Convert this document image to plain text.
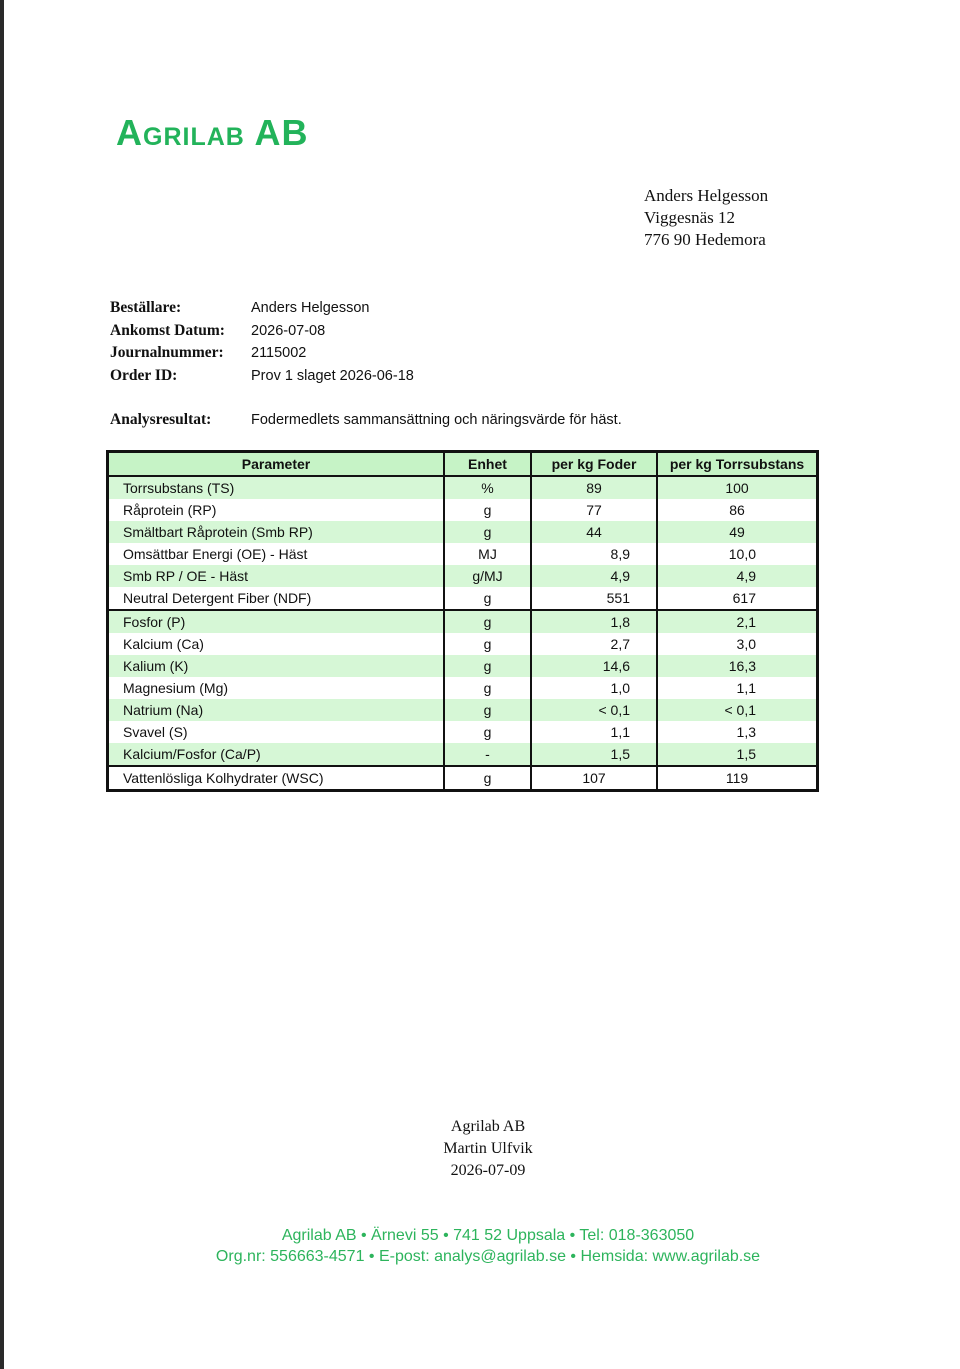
Agrilab AB
Anders Helgesson
Viggesnäs 12
776 90 Hedemora
Beställare:	Anders Helgesson
Ankomst Datum:	2026-07-08
Journalnummer:	2115002
Order ID:	Prov 1 slaget 2026-06-18
Analysresultat:	Fodermedlets sammansättning och näringsvärde för häst.
Parameter	Enhet	per kg Foder	per kg Torrsubstans
Torrsubstans (TS)	%	89	100
Råprotein (RP)	g	77	86
Smältbart Råprotein (Smb RP)	g	44	49
Omsättbar Energi (OE) - Häst	MJ	8,9	10,0
Smb RP / OE - Häst	g/MJ	4,9	4,9
Neutral Detergent Fiber (NDF)	g	551	617
Fosfor (P)	g	1,8	2,1
Kalcium (Ca)	g	2,7	3,0
Kalium (K)	g	14,6	16,3
Magnesium (Mg)	g	1,0	1,1
Natrium (Na)	g	< 0,1	< 0,1
Svavel (S)	g	1,1	1,3
Kalcium/Fosfor (Ca/P)	-	1,5	1,5
Vattenlösliga Kolhydrater (WSC)	g	107	119
Agrilab AB
Martin Ulfvik
2026-07-09
Agrilab AB • Ärnevi 55 • 741 52 Uppsala • Tel: 018-363050
Org.nr: 556663-4571 • E-post: analys@agrilab.se • Hemsida: www.agrilab.se
